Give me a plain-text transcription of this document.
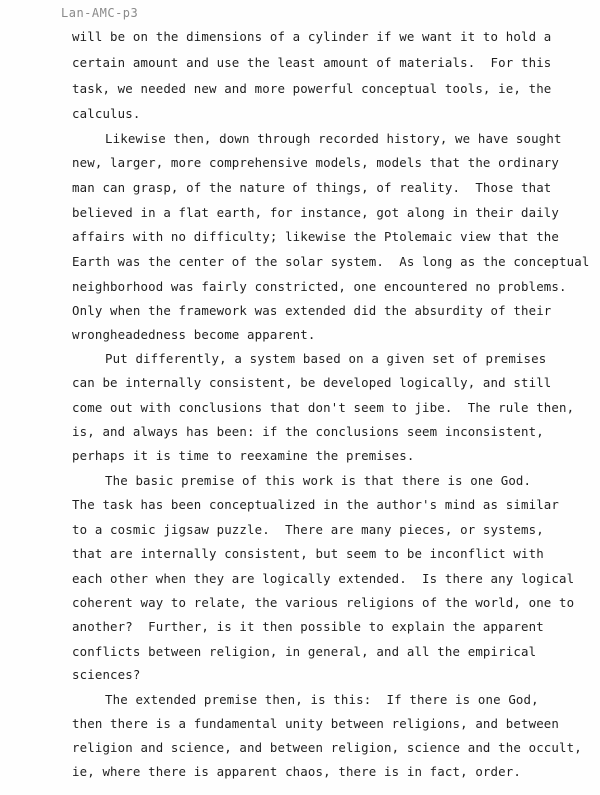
Lan-AMC-p3
will be on the dimensions of a cylinder if we want it to hold a
certain amount and use the least amount of materials.  For this
task, we needed new and more powerful conceptual tools, ie, the
calculus.
Likewise then, down through recorded history, we have sought
new, larger, more comprehensive models, models that the ordinary
man can grasp, of the nature of things, of reality.  Those that
believed in a flat earth, for instance, got along in their daily
affairs with no difficulty; likewise the Ptolemaic view that the
Earth was the center of the solar system.  As long as the conceptual
neighborhood was fairly constricted, one encountered no problems.
Only when the framework was extended did the absurdity of their
wrongheadedness become apparent.
Put differently, a system based on a given set of premises
can be internally consistent, be developed logically, and still
come out with conclusions that don't seem to jibe.  The rule then,
is, and always has been: if the conclusions seem inconsistent,
perhaps it is time to reexamine the premises.
The basic premise of this work is that there is one God.
The task has been conceptualized in the author's mind as similar
to a cosmic jigsaw puzzle.  There are many pieces, or systems,
that are internally consistent, but seem to be inconflict with
each other when they are logically extended.  Is there any logical
coherent way to relate, the various religions of the world, one to
another?  Further, is it then possible to explain the apparent
conflicts between religion, in general, and all the empirical
sciences?
The extended premise then, is this:  If there is one God,
then there is a fundamental unity between religions, and between
religion and science, and between religion, science and the occult,
ie, where there is apparent chaos, there is in fact, order.
